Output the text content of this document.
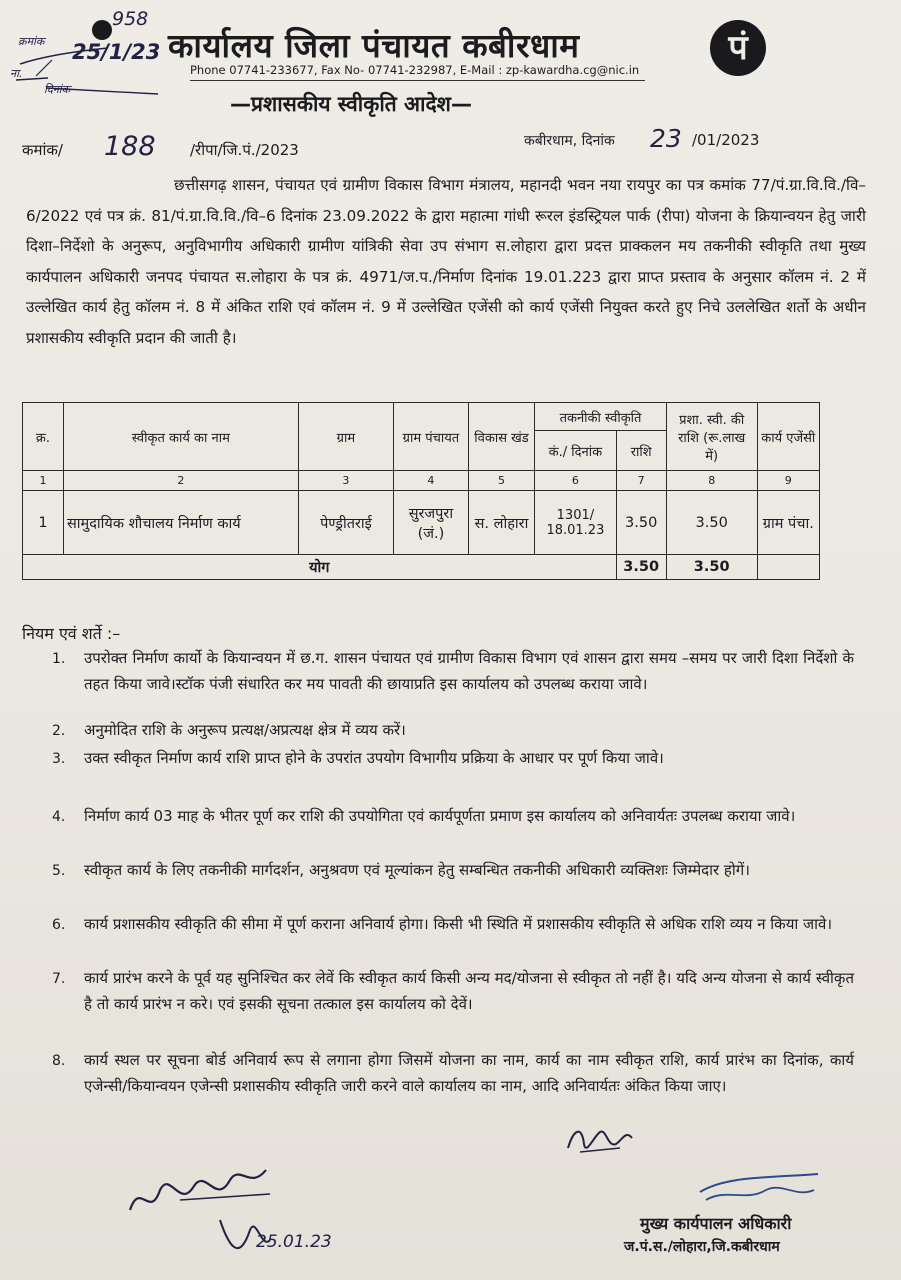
958
25/1/23
क्रमांक
ना.
दिनांक
कार्यालय जिला पंचायत कबीरधाम
Phone 07741-233677, Fax No- 07741-232987, E-Mail : zp-kawardha.cg@nic.in
पं
—प्रशासकीय स्वीकृति आदेश—
कमांक/ 188 /रीपा/जि.पं./2023	कबीरधाम, दिनांक 23 /01/2023
छत्तीसगढ़ शासन, पंचायत एवं ग्रामीण विकास विभाग मंत्रालय, महानदी भवन नया रायपुर का पत्र कमांक 77/पं.ग्रा.वि.वि./वि–6/2022 एवं पत्र क्रं. 81/पं.ग्रा.वि.वि./वि–6 दिनांक 23.09.2022 के द्वारा महात्मा गांधी रूरल इंडस्ट्रियल पार्क (रीपा) योजना के क्रियान्वयन हेतु जारी दिशा–निर्देशो के अनुरूप, अनुविभागीय अधिकारी ग्रामीण यांत्रिकी सेवा उप संभाग स.लोहारा द्वारा प्रदत्त प्राक्कलन मय तकनीकी स्वीकृति तथा मुख्य कार्यपालन अधिकारी जनपद पंचायत स.लोहारा के पत्र क्रं. 4971/ज.प./निर्माण दिनांक 19.01.223 द्वारा प्राप्त प्रस्ताव के अनुसार कॉलम नं. 2 में उल्लेखित कार्य हेतु कॉलम नं. 8 में अंकित राशि एवं कॉलम नं. 9 में उल्लेखित एजेंसी को कार्य एजेंसी नियुक्त करते हुए निचे उललेखित शर्तो के अधीन प्रशासकीय स्वीकृति प्रदान की जाती है।
क्र.	स्वीकृत कार्य का नाम	ग्राम	ग्राम पंचायत	विकास खंड	तकनीकी स्वीकृति		प्रशा. स्वी. की राशि (रू.लाख में)	कार्य एजेंसी
					कं./ दिनांक	राशि		
1	2	3	4	5	6	7	8	9
1	सामुदायिक शौचालय निर्माण कार्य	पेण्ड्रीतराई	सुरजपुरा (जं.)	स. लोहारा	1301/ 18.01.23	3.50	3.50	ग्राम पंचा.
योग						3.50	3.50	
नियम एवं शर्ते :–
1. उपरोक्त निर्माण कार्यो के कियान्वयन में छ.ग. शासन पंचायत एवं ग्रामीण विकास विभाग एवं शासन द्वारा समय –समय पर जारी दिशा निर्देशो के तहत किया जावे।स्टॉक पंजी संधारित कर मय पावती की छायाप्रति इस कार्यालय को उपलब्ध कराया जावे।
2. अनुमोदित राशि के अनुरूप प्रत्यक्ष/अप्रत्यक्ष क्षेत्र में व्यय करें।
3. उक्त स्वीकृत निर्माण कार्य राशि प्राप्त होने के उपरांत उपयोग विभागीय प्रक्रिया के आधार पर पूर्ण किया जावे।
4. निर्माण कार्य 03 माह के भीतर पूर्ण कर राशि की उपयोगिता एवं कार्यपूर्णता प्रमाण इस कार्यालय को अनिवार्यतः उपलब्ध कराया जावे।
5. स्वीकृत कार्य के लिए तकनीकी मार्गदर्शन, अनुश्रवण एवं मूल्यांकन हेतु सम्बन्धित तकनीकी अधिकारी व्यक्तिशः जिम्मेदार होगें।
6. कार्य प्रशासकीय स्वीकृति की सीमा में पूर्ण कराना अनिवार्य होगा। किसी भी स्थिति में प्रशासकीय स्वीकृति से अधिक राशि व्यय न किया जावे।
7. कार्य प्रारंभ करने के पूर्व यह सुनिश्चित कर लेवें कि स्वीकृत कार्य किसी अन्य मद/योजना से स्वीकृत तो नहीं है। यदि अन्य योजना से कार्य स्वीकृत है तो कार्य प्रारंभ न करे। एवं इसकी सूचना तत्काल इस कार्यालय को देवें।
8. कार्य स्थल पर सूचना बोर्ड अनिवार्य रूप से लगाना होगा जिसमें योजना का नाम, कार्य का नाम स्वीकृत राशि, कार्य प्रारंभ का दिनांक, कार्य एजेन्सी/कियान्वयन एजेन्सी प्रशासकीय स्वीकृति जारी करने वाले कार्यालय का नाम, आदि अनिवार्यतः अंकित किया जाए।
25.01.23
मुख्य कार्यपालन अधिकारी
ज.पं.स./लोहारा,जि.कबीरधाम
